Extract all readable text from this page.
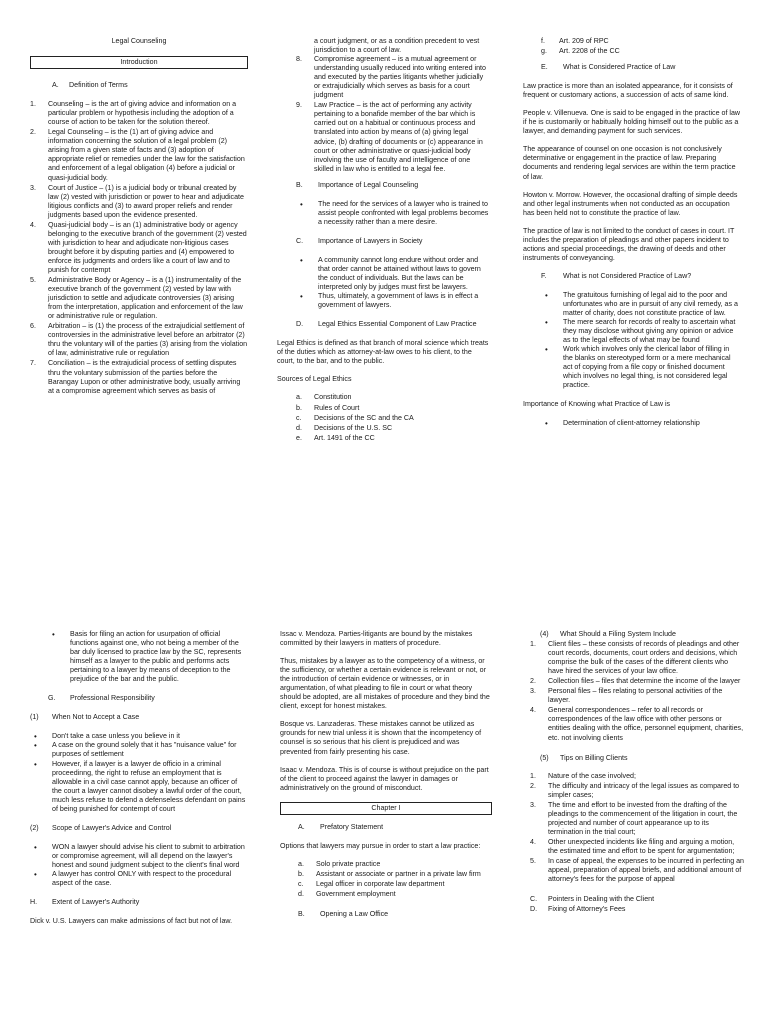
Legal Counseling

Introduction
A. Definition of Terms
1. Counseling – is the art of giving advice and information on a particular problem or hypothesis including the adoption of a course of action to be taken for the solution thereof.
2. Legal Counseling – is the (1) art of giving advice and information concerning the solution of a legal problem (2) arising from a given state of facts and (3) adoption of appropriate relief or remedies under the law for the satisfaction and enforcement of a legal obligation (4) before a judicial or quasi-judicial body.
3. Court of Justice – (1) is a judicial body or tribunal created by law (2) vested with jurisdiction or power to hear and adjudicate litigious conflicts and (3) to award proper reliefs and render judgments based upon the evidence presented.
4. Quasi-judicial body – is an (1) administrative body or agency belonging to the executive branch of the government (2) vested with jurisdiction to hear and adjudicate non-litigious cases brought before it by disputing parties and (4) empowered to enforce its judgments and orders like a court of law and to punish for contempt
5. Administrative Body or Agency – is a (1) instrumentality of the executive branch of the government (2) vested by law with jurisdiction to settle and adjudicate controversies (3) arising from the interpretation, application and enforcement of the law or administrative rule or regulation.
6. Arbitration – is (1) the process of the extrajudicial settlement of controversies in the administrative level before an arbitrator (2) thru the voluntary will of the parties (3) arising from the violation of law, administrative rule or regulation
7. Conciliation – is the extrajudicial process of settling disputes thru the voluntary submission of the parties before the Barangay Lupon or other administrative body, usually arriving at a compromise agreement which serves as basis of

a court judgment, or as a condition precedent to vest jurisdiction to a court of law.

8. Compromise agreement – is a mutual agreement or understanding usually reduced into writing entered into and executed by the parties litigants whether judicially or extrajudicially which serves as basis for a court judgment
9. Law Practice – is the act of performing any activity pertaining to a bonafide member of the bar which is carried out on a habitual or continuous process and translated into action by means of (a) giving legal advice, (b) drafting of documents or (c) appearance in court or other administrative or quasi-judicial body involving the use of faculty and intelligence of one skilled in law who is entitled to a legal fee.
B. Importance of Legal Counseling
• The need for the services of a lawyer who is trained to assist people confronted with legal problems becomes a necessity rather than a mere desire.
C. Importance of Lawyers in Society
• A community cannot long endure without order and that order cannot be attained without laws to govern the conduct of individuals. But the laws can be interpreted only by judges must first be lawyers.
• Thus, ultimately, a government of laws is in effect a government of lawyers.
D. Legal Ethics Essential Component of Law Practice

Legal Ethics is defined as that branch of moral science which treats of the duties which as attorney-at-law owes to his client, to the court, to the bar, and to the public.

Sources of Legal Ethics

a. Constitution
b. Rules of Court
c. Decisions of the SC and the CA
d. Decisions of the U.S. SC
e. Art. 1491 of the CC
f. Art. 209 of RPC
g. Art. 2208 of the CC
E. What is Considered Practice of Law

Law practice is more than an isolated appearance, for it consists of frequent or customary actions, a succession of acts of same kind.

People v. Villenueva. One is said to be engaged in the practice of law if he is customarily or habitually holding himself out to the public as a lawyer, and demanding payment for such services.

The appearance of counsel on one occasion is not conclusively determinative or engagement in the practice of law. Preparing documents and rendering legal services are within the term practice of law.

Howton v. Morrow. However, the occasional drafting of simple deeds and other legal instruments when not conducted as an occupation has been held not to constitute the practice of law.

The practice of law is not limited to the conduct of cases in court. IT includes the preparation of pleadings and other papers incident to actions and special proceedings, the drawing of deeds and other instruments of conveyancing.

F. What is not Considered Practice of Law?
• The gratuitous furnishing of legal aid to the poor and unfortunates who are in pursuit of any civil remedy, as a matter of charity, does not constitute practice of law.
• The mere search for records of realty to ascertain what they may disclose without giving any opinion or advice as to the legal effects of what may be found
• Work which involves only the clerical labor of filling in the blanks on stereotyped form or a mere mechanical act of copying from a file copy or finished document which involves no legal thing, is not considered legal practice.

Importance of Knowing what Practice of Law is

• Determination of client-attorney relationship
• Basis for filing an action for usurpation of official functions against one, who not being a member of the bar duly licensed to practice law by the SC, represents himself as a lawyer to the public and performs acts pertaining to a lawyer by means of deception to the prejudice of the bar and the public.
G. Professional Responsibility
(1) When Not to Accept a Case
• Don't take a case unless you believe in it
• A case on the ground solely that it has "nuisance value" for purposes of settlement
• However, if a lawyer is a lawyer de officio in a criminal proceedinng, the right to refuse an employment that is allowable in a civil case cannot apply, because an officer of the court a lawyer cannot disobey a lawful order of the court, much less refuse to defend a defenseless defendant on pains of being punished for contempt of court
(2) Scope of Lawyer's Advice and Control
• WON a lawyer should advise his client to submit to arbitration or compromise agreement, will all depend on the lawyer's honest and sound judgment subject to the client's final word
• A lawyer has control ONLY with respect to the procedural aspect of the case.
H. Extent of Lawyer's Authority

Dick v. U.S. Lawyers can make admissions of fact but not of law.

Issac v. Mendoza. Parties-litigants are bound by the mistakes committed by their lawyers in matters of procedure.

Thus, mistakes by a lawyer as to the competency of a witness, or the sufficiency, or whether a certain evidence is relevant or not, or the introduction of certain evidence or witnesses, or in argumentation, of what pleading to file in court or what theory should be adopted, are all mistakes of procedure and they bind the client, except for honest mistakes.

Bosque vs. Lanzaderas. These mistakes cannot be utilized as grounds for new trial unless it is shown that the incompetency of counsel is so serious that his client is prejudiced and was prevented from fairly presenting his case.

Isaac v. Mendoza. This is of course is without prejudice on the part of the client to proceed against the lawyer in damages or administratively on the ground of misconduct.

Chapter I
A. Prefatory Statement

Options that lawyers may pursue in order to start a law practice:

a. Solo private practice
b. Assistant or associate or partner in a private law firm
c. Legal officer in corporate law department
d. Government employment
B. Opening a Law Office
(4) What Should a Filing System Include
1. Client files – these consists of records of pleadings and other court records, documents, court orders and decisions, which comprise the bulk of the cases of the different clients who have hired the services of your law office.
2. Collection files – files that determine the income of the lawyer
3. Personal files – files relating to personal activities of the lawyer.
4. General correspondences – refer to all records or correspondences of the law office with other persons or entities dealing with the office, personnel equipment, charities, etc. not involving clients
(5) Tips on Billing Clients
1. Nature of the case involved;
2. The difficulty and intricacy of the legal issues as compared to simpler cases;
3. The time and effort to be invested from the drafting of the pleadings to the commencement of the litigation in court, the projected and number of court appearance up to its termination in the trial court;
4. Other unexpected incidents like filing and arguing a motion, the estimated time and effort to be spent for argumentation;
5. In case of appeal, the expenses to be incurred in perfecting an appeal, preparation of appeal briefs, and additional amount of attorney's fees for the purpose of appeal
C. Pointers in Dealing with the Client
D. Fixing of Attorney's Fees
